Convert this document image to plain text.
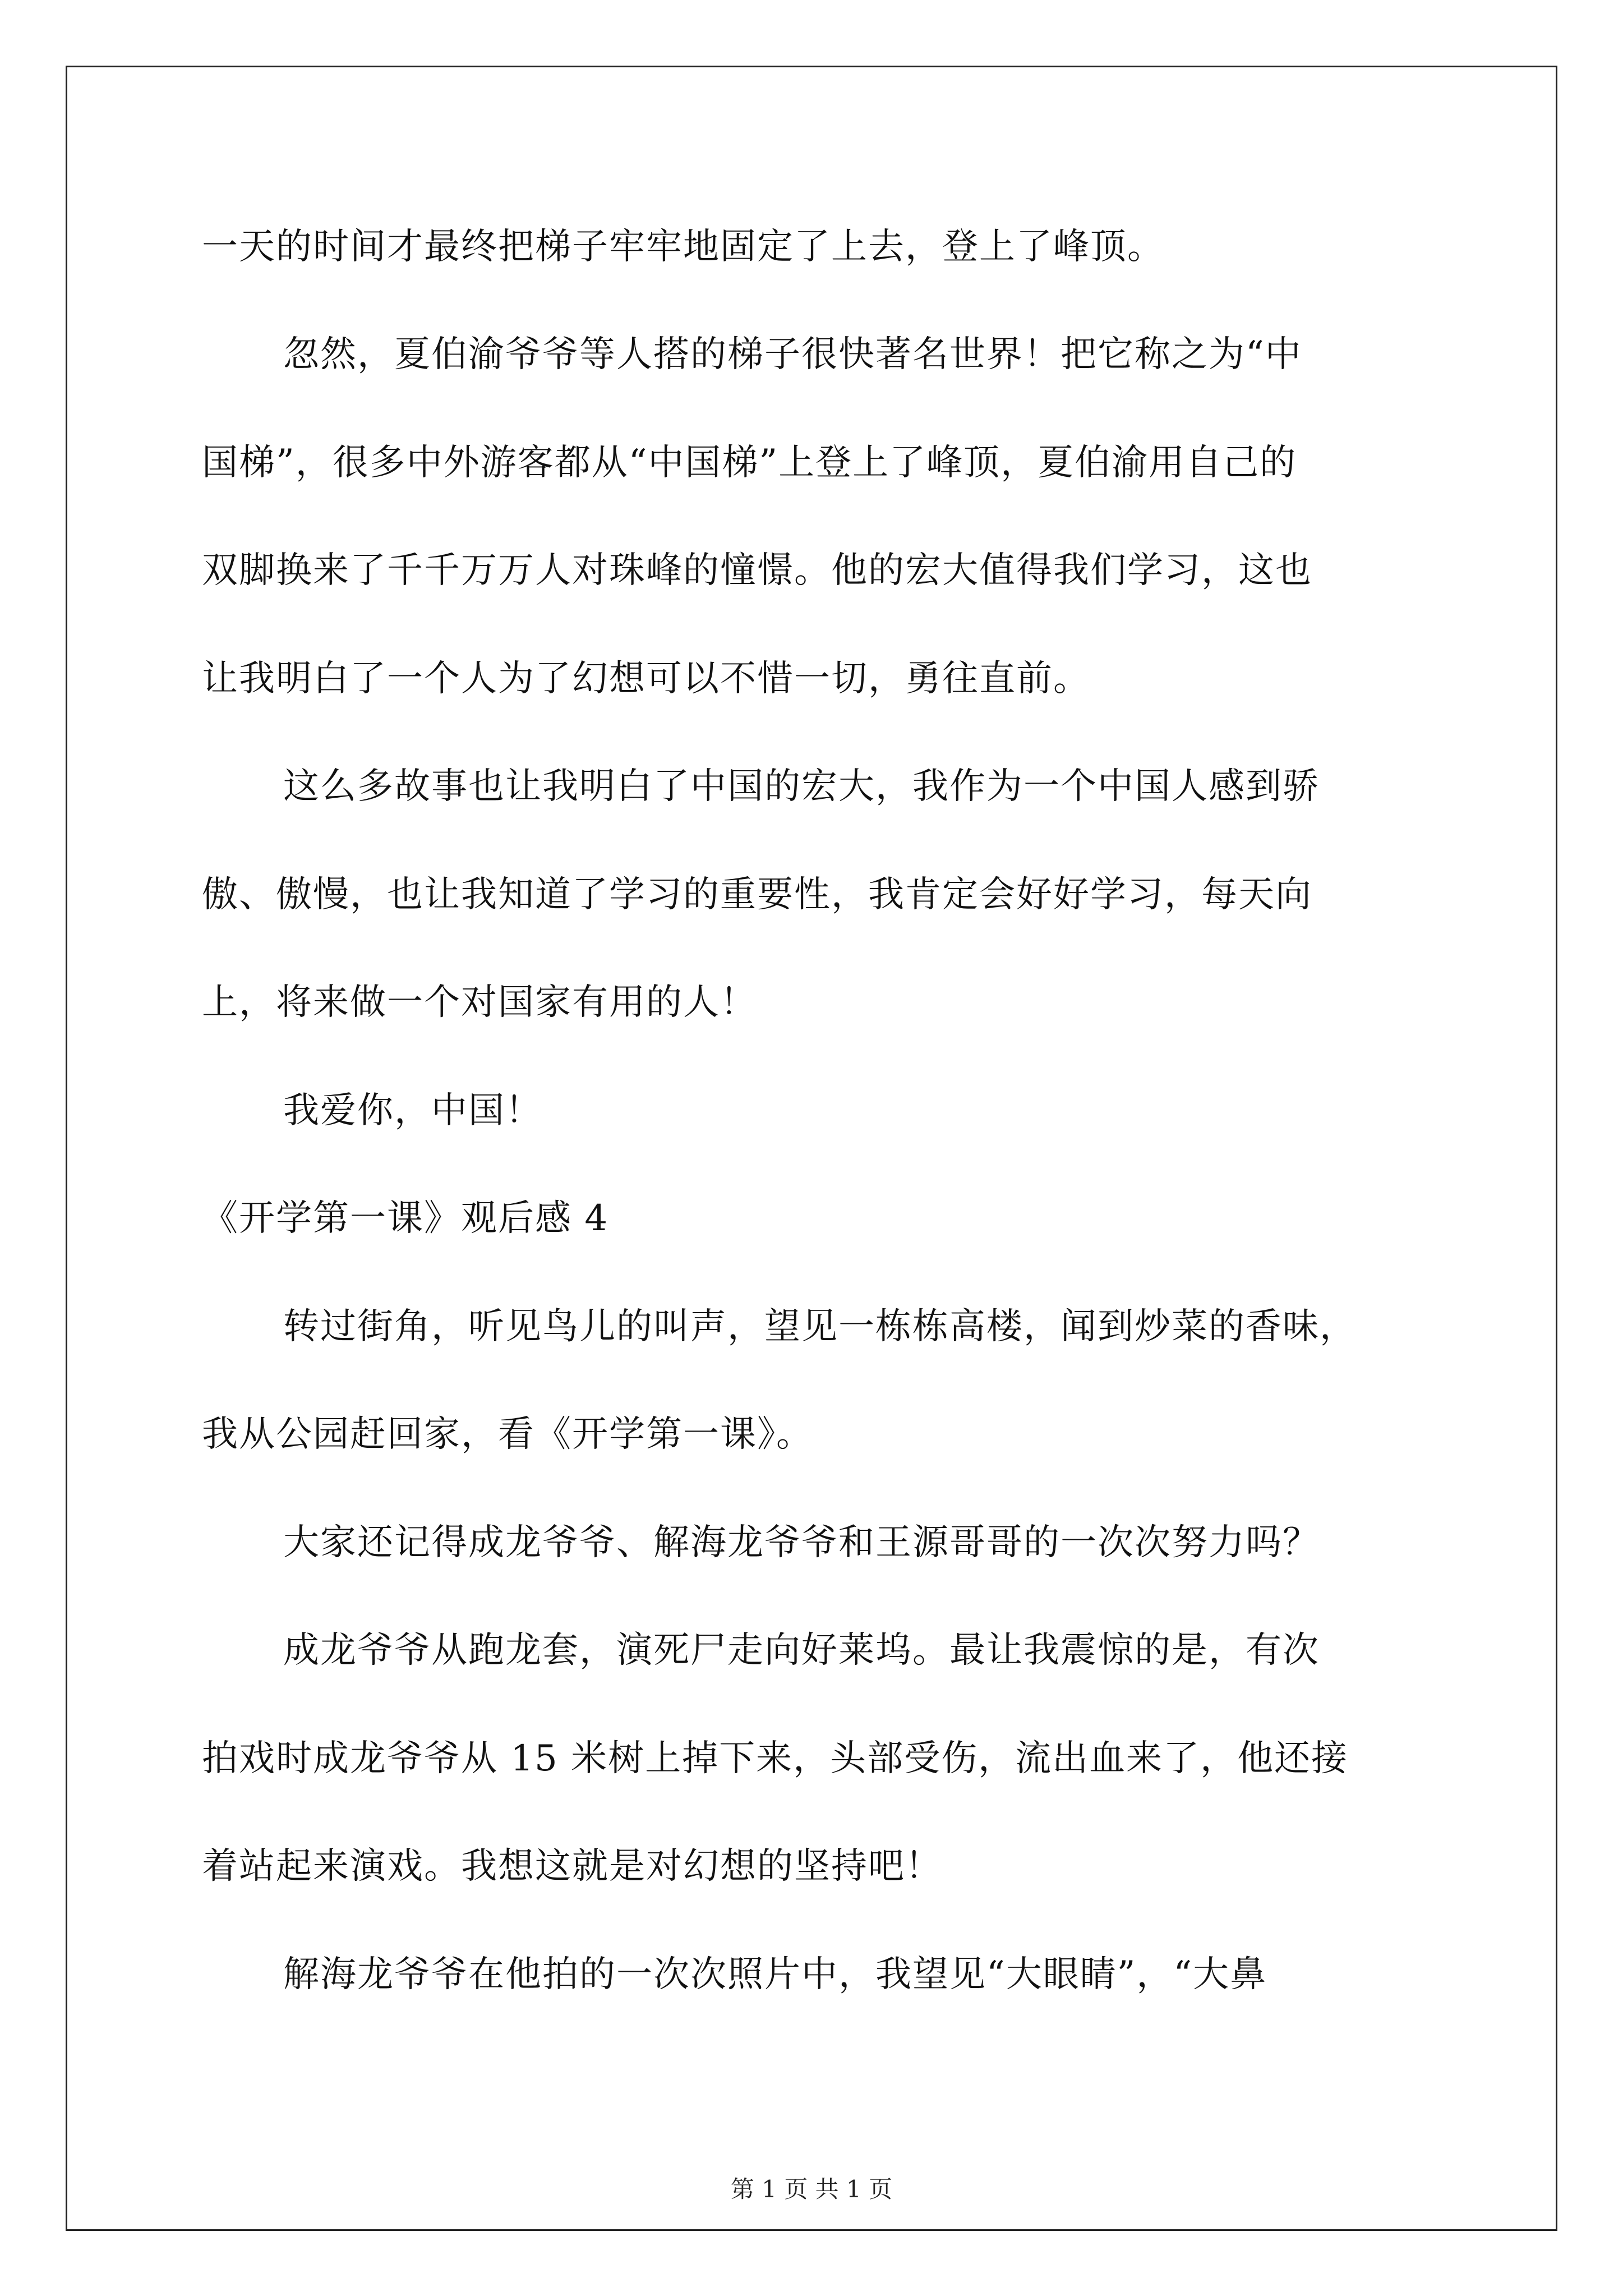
一天的时间才最终把梯子牢牢地固定了上去，登上了峰顶。
忽然，夏伯渝爷爷等人搭的梯子很快著名世界！把它称之为“中
国梯”，很多中外游客都从“中国梯”上登上了峰顶，夏伯渝用自己的
双脚换来了千千万万人对珠峰的憧憬。他的宏大值得我们学习，这也
让我明白了一个人为了幻想可以不惜一切，勇往直前。
这么多故事也让我明白了中国的宏大，我作为一个中国人感到骄
傲、傲慢，也让我知道了学习的重要性，我肯定会好好学习，每天向
上，将来做一个对国家有用的人！
我爱你，中国！
《开学第一课》观后感 4
转过街角，听见鸟儿的叫声，望见一栋栋高楼，闻到炒菜的香味，
我从公园赶回家，看《开学第一课》。
大家还记得成龙爷爷、解海龙爷爷和王源哥哥的一次次努力吗？
成龙爷爷从跑龙套，演死尸走向好莱坞。最让我震惊的是，有次
拍戏时成龙爷爷从 15 米树上掉下来，头部受伤，流出血来了，他还接
着站起来演戏。我想这就是对幻想的坚持吧！
解海龙爷爷在他拍的一次次照片中，我望见“大眼睛”，“大鼻
第 1 页 共 1 页
